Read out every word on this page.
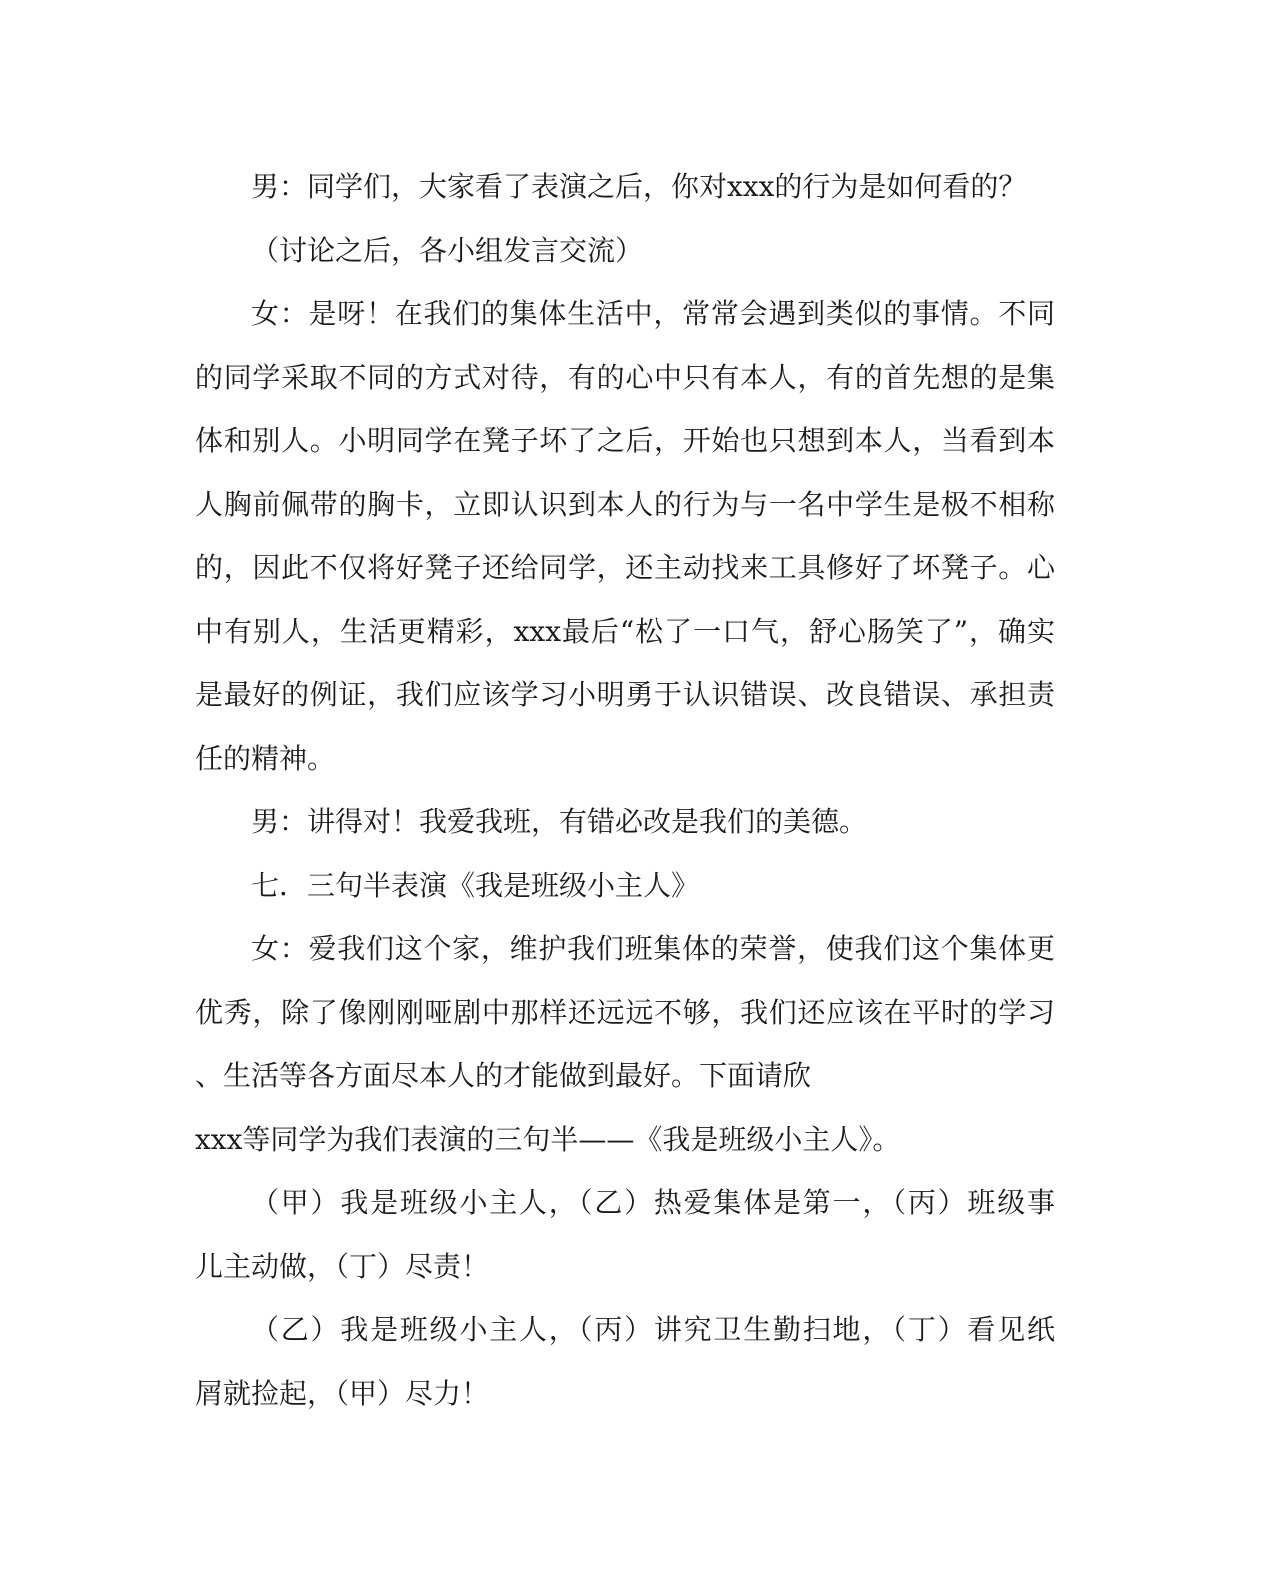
男：同学们，大家看了表演之后，你对xxx的行为是如何看的？
（讨论之后，各小组发言交流）
女：是呀！在我们的集体生活中，常常会遇到类似的事情。不同
的同学采取不同的方式对待，有的心中只有本人，有的首先想的是集
体和别人。小明同学在凳子坏了之后，开始也只想到本人，当看到本
人胸前佩带的胸卡，立即认识到本人的行为与一名中学生是极不相称
的，因此不仅将好凳子还给同学，还主动找来工具修好了坏凳子。心
中有别人，生活更精彩，xxx最后“松了一口气，舒心肠笑了”，确实
是最好的例证，我们应该学习小明勇于认识错误、改良错误、承担责
任的精神。
男：讲得对！我爱我班，有错必改是我们的美德。
七．三句半表演《我是班级小主人》
女：爱我们这个家，维护我们班集体的荣誉，使我们这个集体更
优秀，除了像刚刚哑剧中那样还远远不够，我们还应该在平时的学习
、生活等各方面尽本人的才能做到最好。下面请欣
xxx等同学为我们表演的三句半——《我是班级小主人》。
（甲）我是班级小主人，（乙）热爱集体是第一，（丙）班级事
儿主动做，（丁）尽责！
（乙）我是班级小主人，（丙）讲究卫生勤扫地，（丁）看见纸
屑就捡起，（甲）尽力！
